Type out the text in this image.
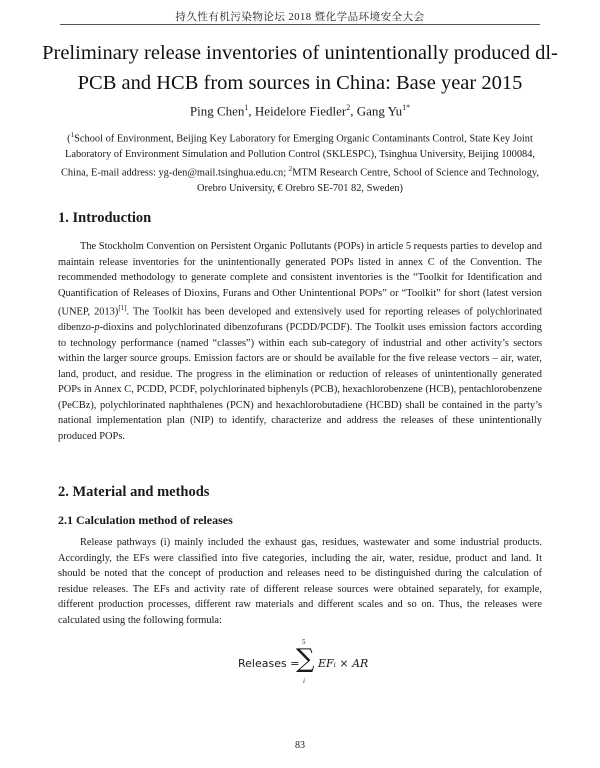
持久性有机污染物论坛 2018 暨化学品环境安全大会
Preliminary release inventories of unintentionally produced dl-PCB and HCB from sources in China: Base year 2015
Ping Chen$^1$, Heidelore Fiedler$^2$, Gang $Yu^{1*}$
($^1$School of Environment, Beijing Key Laboratory for Emerging Organic Contaminants Control, State Key Joint Laboratory of Environment Simulation and Pollution Control (SKLESPC), Tsinghua University, Beijing 100084, China, E-mail address: yg-den@mail.tsinghua.edu.cn; $^2$MTM Research Centre, School of Science and Technology, Orebro University, € Orebro SE-701 82, Sweden)
1. Introduction
The Stockholm Convention on Persistent Organic Pollutants (POPs) in article 5 requests parties to develop and maintain release inventories for the unintentionally generated POPs listed in annex C of the Convention. The recommended methodology to generate complete and consistent inventories is the “Toolkit for Identification and Quantification of Releases of Dioxins, Furans and Other Unintentional POPs” or “Toolkit” for short (latest version (UNEP, 2013)[1]. The Toolkit has been developed and extensively used for reporting releases of polychlorinated dibenzo-p-dioxins and polychlorinated dibenzofurans (PCDD/PCDF). The Toolkit uses emission factors according to technology performance (named “classes”) within each sub-category of industrial and other activity’s sectors within the larger source groups. Emission factors are or should be available for the five release vectors – air, water, land, product, and residue. The progress in the elimination or reduction of releases of unintentionally generated POPs in Annex C, PCDD, PCDF, polychlorinated biphenyls (PCB), hexachlorobenzene (HCB), pentachlorobenzene (PeCBz), polychlorinated naphthalenes (PCN) and hexachlorobutadiene (HCBD) shall be contained in the party’s national implementation plan (NIP) to identify, characterize and address the releases of these unintentionally produced POPs.
2. Material and methods
2.1 Calculation method of releases
Release pathways (i) mainly included the exhaust gas, residues, wastewater and some industrial products. Accordingly, the EFs were classified into five categories, including the air, water, residue, product and land. It should be noted that the concept of production and releases need to be distinguished during the calculation of residue releases. The EFs and activity rate of different release sources were obtained separately, for example, different production processes, different raw materials and different scales and so on. Thus, the releases were calculated using the following formula:
Releases =
5
∑
i
EFᵢ × AR
83
